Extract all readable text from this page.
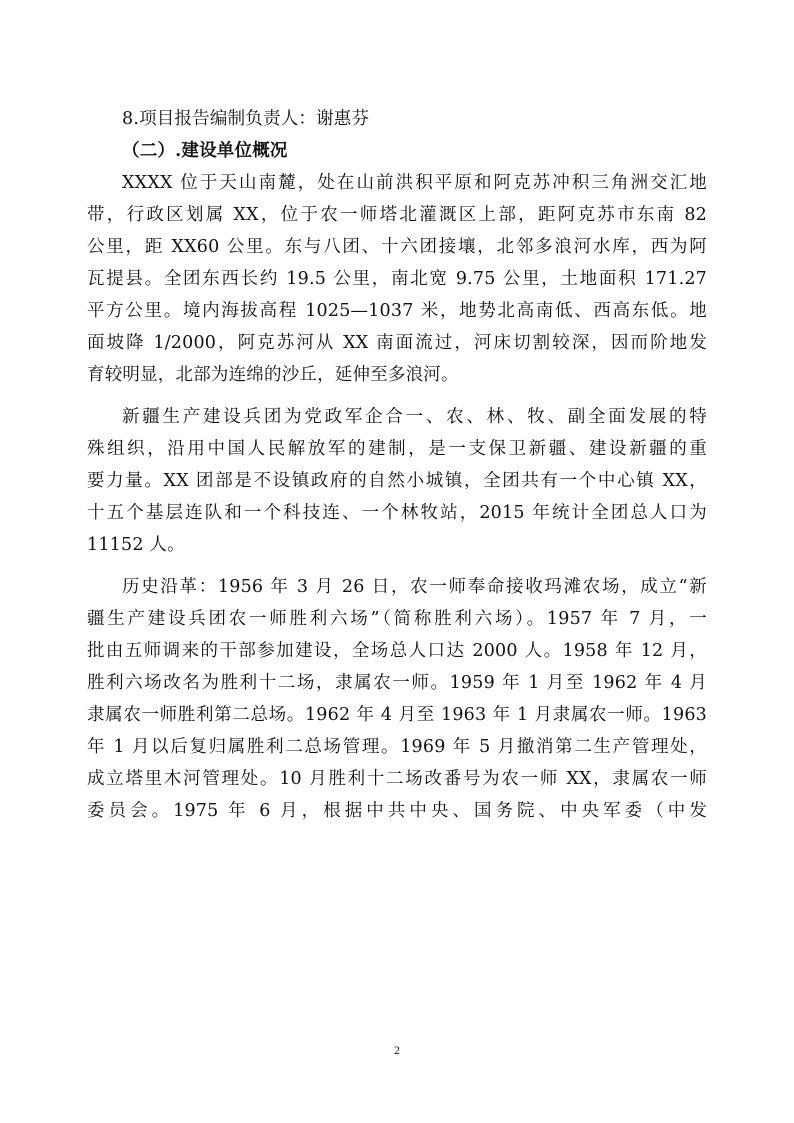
8.项目报告编制负责人：谢惠芬
（二）.建设单位概况
XXXX 位于天山南麓，处在山前洪积平原和阿克苏冲积三角洲交汇地
带，行政区划属 XX，位于农一师塔北灌溉区上部，距阿克苏市东南 82
公里，距 XX60 公里。东与八团、十六团接壤，北邻多浪河水库，西为阿
瓦提县。全团东西长约 19.5 公里，南北宽 9.75 公里，土地面积 171.27
平方公里。境内海拔高程 1025—1037 米，地势北高南低、西高东低。地
面坡降 1/2000，阿克苏河从 XX 南面流过，河床切割较深，因而阶地发
育较明显，北部为连绵的沙丘，延伸至多浪河。
新疆生产建设兵团为党政军企合一、农、林、牧、副全面发展的特
殊组织，沿用中国人民解放军的建制，是一支保卫新疆、建设新疆的重
要力量。XX 团部是不设镇政府的自然小城镇，全团共有一个中心镇 XX，
十五个基层连队和一个科技连、一个林牧站，2015 年统计全团总人口为
11152 人。
历史沿革：1956 年 3 月 26 日，农一师奉命接收玛滩农场，成立“新
疆生产建设兵团农一师胜利六场”（简称胜利六场）。1957 年 7 月，一
批由五师调来的干部参加建设，全场总人口达 2000 人。1958 年 12 月，
胜利六场改名为胜利十二场，隶属农一师。1959 年 1 月至 1962 年 4 月
隶属农一师胜利第二总场。1962 年 4 月至 1963 年 1 月隶属农一师。1963
年 1 月以后复归属胜利二总场管理。1969 年 5 月撤消第二生产管理处，
成立塔里木河管理处。10 月胜利十二场改番号为农一师 XX，隶属农一师
委员会。1975 年 6 月，根据中共中央、国务院、中央军委（中发
2
